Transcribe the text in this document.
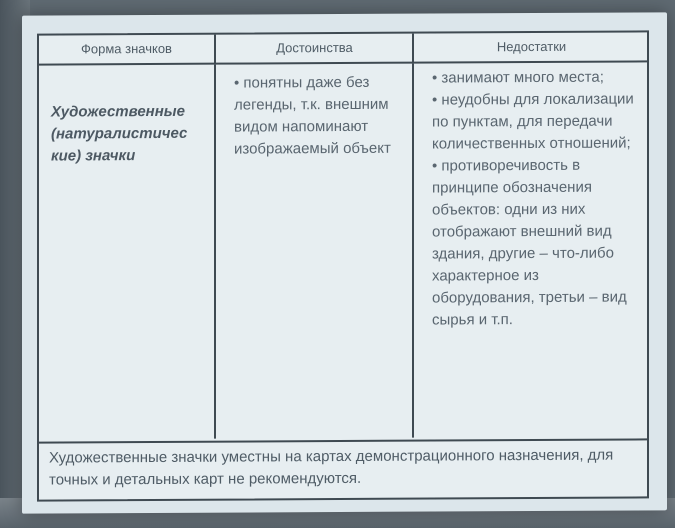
Форма значков	Достоинства	Недостатки
Художественные (натуралистичес кие) значки

• понятны даже без легенды, т.к. внешним видом напоминают изображаемый объект

• занимают много места;

• неудобны для локализации по пунктам, для передачи количественных отношений;

• противоречивость в принципе обозначения объектов: одни из них отображают внешний вид здания, другие – что-либо характерное из оборудования, третьи – вид сырья и т.п.

Художественные значки уместны на картах демонстрационного назначения, для точных и детальных карт не рекомендуются.
